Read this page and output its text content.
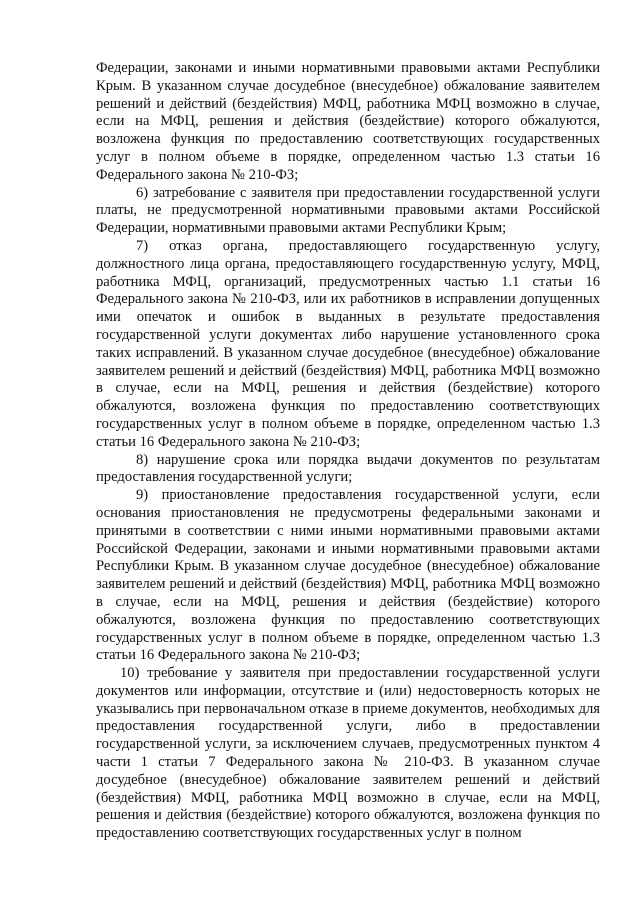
Федерации, законами и иными нормативными правовыми актами Республики Крым. В указанном случае досудебное (внесудебное) обжалование заявителем решений и действий (бездействия) МФЦ, работника МФЦ возможно в случае, если на МФЦ, решения и действия (бездействие) которого обжалуются, возложена функция по предоставлению соответствующих государственных услуг в полном объеме в порядке, определенном частью 1.3 статьи 16 Федерального закона № 210-ФЗ;

6) затребование с заявителя при предоставлении государственной услуги платы, не предусмотренной нормативными правовыми актами Российской Федерации, нормативными правовыми актами Республики Крым;

7) отказ органа, предоставляющего государственную услугу, должностного лица органа, предоставляющего государственную услугу, МФЦ, работника МФЦ, организаций, предусмотренных частью 1.1 статьи 16 Федерального закона № 210-ФЗ, или их работников в исправлении допущенных ими опечаток и ошибок в выданных в результате предоставления государственной услуги документах либо нарушение установленного срока таких исправлений. В указанном случае досудебное (внесудебное) обжалование заявителем решений и действий (бездействия) МФЦ, работника МФЦ возможно в случае, если на МФЦ, решения и действия (бездействие) которого обжалуются, возложена функция по предоставлению соответствующих государственных услуг в полном объеме в порядке, определенном частью 1.3 статьи 16 Федерального закона № 210-ФЗ;

8) нарушение срока или порядка выдачи документов по результатам предоставления государственной услуги;

9) приостановление предоставления государственной услуги, если основания приостановления не предусмотрены федеральными законами и принятыми в соответствии с ними иными нормативными правовыми актами Российской Федерации, законами и иными нормативными правовыми актами Республики Крым. В указанном случае досудебное (внесудебное) обжалование заявителем решений и действий (бездействия) МФЦ, работника МФЦ возможно в случае, если на МФЦ, решения и действия (бездействие) которого обжалуются, возложена функция по предоставлению соответствующих государственных услуг в полном объеме в порядке, определенном частью 1.3 статьи 16 Федерального закона № 210-ФЗ;

10) требование у заявителя при предоставлении государственной услуги документов или информации, отсутствие и (или) недостоверность которых не указывались при первоначальном отказе в приеме документов, необходимых для предоставления государственной услуги, либо в предоставлении государственной услуги, за исключением случаев, предусмотренных пунктом 4 части 1 статьи 7 Федерального закона № 210-ФЗ. В указанном случае досудебное (внесудебное) обжалование заявителем решений и действий (бездействия) МФЦ, работника МФЦ возможно в случае, если на МФЦ, решения и действия (бездействие) которого обжалуются, возложена функция по предоставлению соответствующих государственных услуг в полном
